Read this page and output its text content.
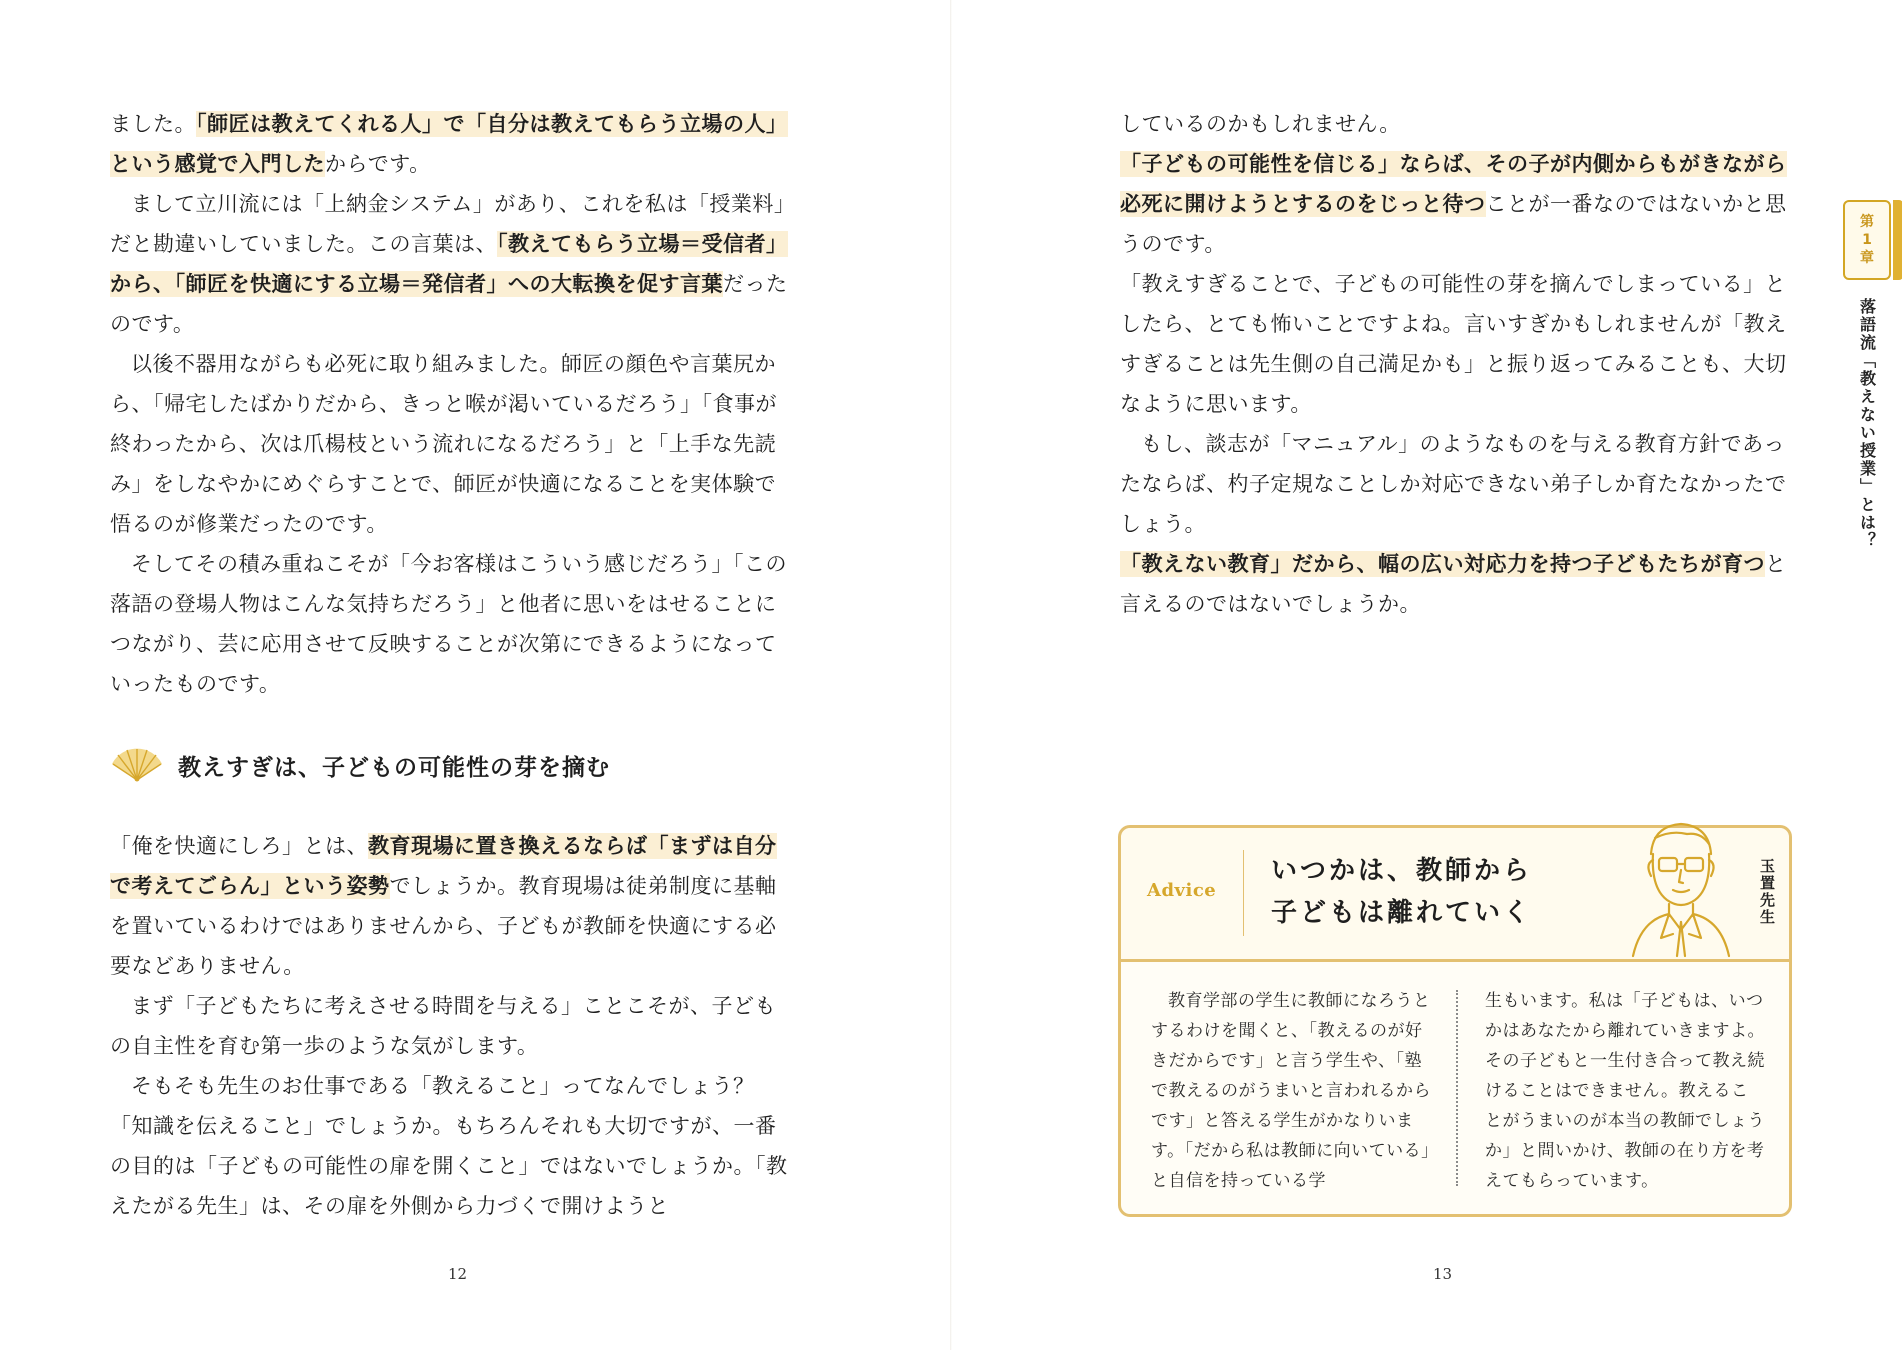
ました。「師匠は教えてくれる人」で「自分は教えてもらう立場の人」という感覚で入門したからです。

まして立川流には「上納金システム」があり、これを私は「授業料」だと勘違いしていました。この言葉は、「教えてもらう立場＝受信者」から、「師匠を快適にする立場＝発信者」への大転換を促す言葉だったのです。

以後不器用ながらも必死に取り組みました。師匠の顔色や言葉尻から、「帰宅したばかりだから、きっと喉が渇いているだろう」「食事が終わったから、次は爪楊枝という流れになるだろう」と「上手な先読み」をしなやかにめぐらすことで、師匠が快適になることを実体験で悟るのが修業だったのです。

そしてその積み重ねこそが「今お客様はこういう感じだろう」「この落語の登場人物はこんな気持ちだろう」と他者に思いをはせることにつながり、芸に応用させて反映することが次第にできるようになっていったものです。

教えすぎは、子どもの可能性の芽を摘む

「俺を快適にしろ」とは、教育現場に置き換えるならば「まずは自分で考えてごらん」という姿勢でしょうか。教育現場は徒弟制度に基軸を置いているわけではありませんから、子どもが教師を快適にする必要などありません。

まず「子どもたちに考えさせる時間を与える」ことこそが、子どもの自主性を育む第一歩のような気がします。

そもそも先生のお仕事である「教えること」ってなんでしょう？「知識を伝えること」でしょうか。もちろんそれも大切ですが、一番の目的は「子どもの可能性の扉を開くこと」ではないでしょうか。「教えたがる先生」は、その扉を外側から力づくで開けようと

12

しているのかもしれません。

「子どもの可能性を信じる」ならば、その子が内側からもがきながら必死に開けようとするのをじっと待つことが一番なのではないかと思うのです。

「教えすぎることで、子どもの可能性の芽を摘んでしまっている」としたら、とても怖いことですよね。言いすぎかもしれませんが「教えすぎることは先生側の自己満足かも」と振り返ってみることも、大切なように思います。

もし、談志が「マニュアル」のようなものを与える教育方針であったならば、杓子定規なことしか対応できない弟子しか育たなかったでしょう。

「教えない教育」だから、幅の広い対応力を持つ子どもたちが育つと言えるのではないでしょうか。

第
1
章
落語流「教えない授業」とは？
Advice
いつかは、教師から
子どもは離れていく	玉置先生

教育学部の学生に教師になろうとするわけを聞くと、「教えるのが好きだからです」と言う学生や、「塾で教えるのがうまいと言われるからです」と答える学生がかなりいます。「だから私は教師に向いている」と自信を持っている学

生もいます。私は「子どもは、いつかはあなたから離れていきますよ。その子どもと一生付き合って教え続けることはできません。教えることがうまいのが本当の教師でしょうか」と問いかけ、教師の在り方を考えてもらっています。

13
